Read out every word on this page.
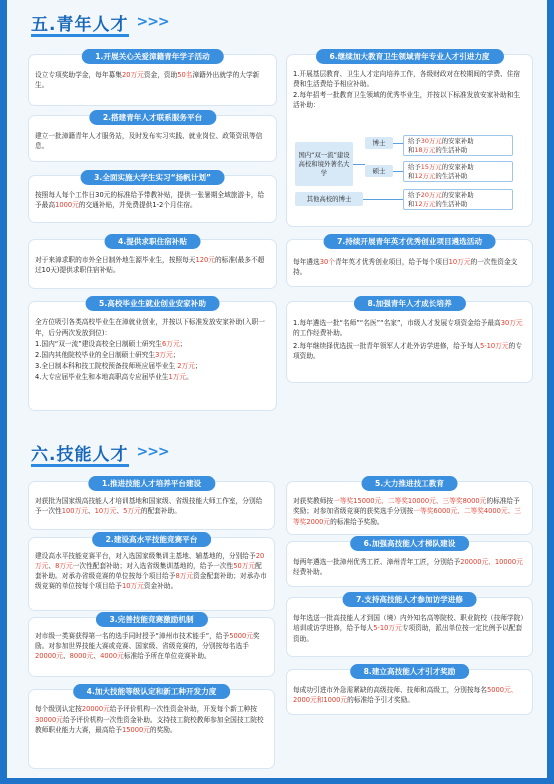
五.青年人才 >>>
1.开展关心关爱漳籍青年学子活动
设立专项奖助学金，每年募集20万元资金，资助50名漳籍外出就学的大学新生。
2.搭建青年人才联系服务平台
建立一批漳籍青年人才服务站，及时发布实习实践、就业岗位、政策资讯等信息。
3.全面实施大学生实习“扬帆计划”
按照每人每个工作日30元的标准给予带教补贴，提供一张暑期全域旅游卡，给予最高1000元的交通补贴，并免费提供1-2个月住宿。
4.提供求职住宿补贴
对于来漳求职的市外全日制外地生源毕业生，按照每天120元的标准(最多不超过10天)提供求职住宿补贴。
5.高校毕业生就业创业安家补助

全方位吸引各类高校毕业生在漳就业创业，并按以下标准发放安家补助(入职一年，后分两次发放到位)：

1.国内“双一流”建设高校全日制硕士研究生6万元；

2.国内其他院校毕业的全日制硕士研究生3万元；

3.全日制本科和技工院校预备技师班应届毕业生 2万元；

4.大专应届毕业生和本地高职高专应届毕业生1万元。

6.继续加大教育卫生领域青年专业人才引进力度

1.开展基层教育、卫生人才定向培养工作，各级财政对在校期间的学费、住宿费和生活费给予相应补助。

2.每年招考一批教育卫生领域的优秀毕业生，并按以下标准发放安家补助和生活补助：

国内“双一流”建设高校和境外著名大学
博士
硕士
其他高校的博士
给予30万元的安家补助
和18万元的生活补助
给予15万元的安家补助
和12万元的生活补助
给予20万元的安家补助
和12万元的生活补助
7.持续开展青年英才优秀创业项目遴选活动
每年遴选30个青年英才优秀创业项目，给予每个项目10万元的一次性资金支持。
8.加强青年人才成长培养

1.每年遴选一批“名师”“名医”“名家”，市级人才发展专项资金给予最高30万元的工作经费补助。

2.每年继续择优选拔一批青年领军人才赴外访学进修，给予每人5-10万元的专项资助。

六.技能人才 >>>
1.推进技能人才培养平台建设
对获批为国家级高技能人才培训基地和国家级、省级技能大师工作室，分别给予一次性100万元、10万元、5万元的配套补助。
2.建设高水平技能竞赛平台
建设高水平技能竞赛平台，对入选国家级集训主基地、辅基地的，分别给予20万元、8万元一次性配套补助；对入选省级集训基地的，给予一次性50万元配套补助。对承办省级竞赛的单位按每个项目给予8万元资金配套补助；对承办市级竞赛的单位按每个项目给予10万元资金补助。
3.完善技能竞赛激励机制
对市级一类赛获得第一名的选手同时授予“漳州市技术能手”，给予5000元奖励。对参加世界技能大赛或竞赛、国家级、省级竞赛的，分别按每名选手20000元、8000元、4000元标准给予所在单位竞赛补助。
4.加大技能等级认定和新工种开发力度
每个级别认定按20000元给予评价机构一次性资金补助，开发每个新工种按30000元给予评价机构一次性资金补助。支持技工院校教师参加全国技工院校教师职业能力大赛，最高给予15000元的奖励。
5.大力推进技工教育
对获奖教师按一等奖15000元、二等奖10000元、三等奖8000元的标准给予奖励；对参加省级竞赛的获奖选手分别按一等奖6000元、二等奖4000元、三等奖2000元的标准给予奖励。
6.加强高技能人才梯队建设
每两年遴选一批漳州优秀工匠、漳州青年工匠，分别给予20000元、10000元经费补助。
7.支持高技能人才参加访学进修
每年选送一批高技能人才到国（境）内外知名高等院校、职业院校（技师学院）培训或访学进修，给予每人5-10万元专项资助，派出单位按一定比例予以配套资助。
8.建立高技能人才引才奖励
每成功引进市外急需紧缺的高级技师、技师和高级工，分别按每名5000元、2000元和1000元的标准给予引才奖励。
